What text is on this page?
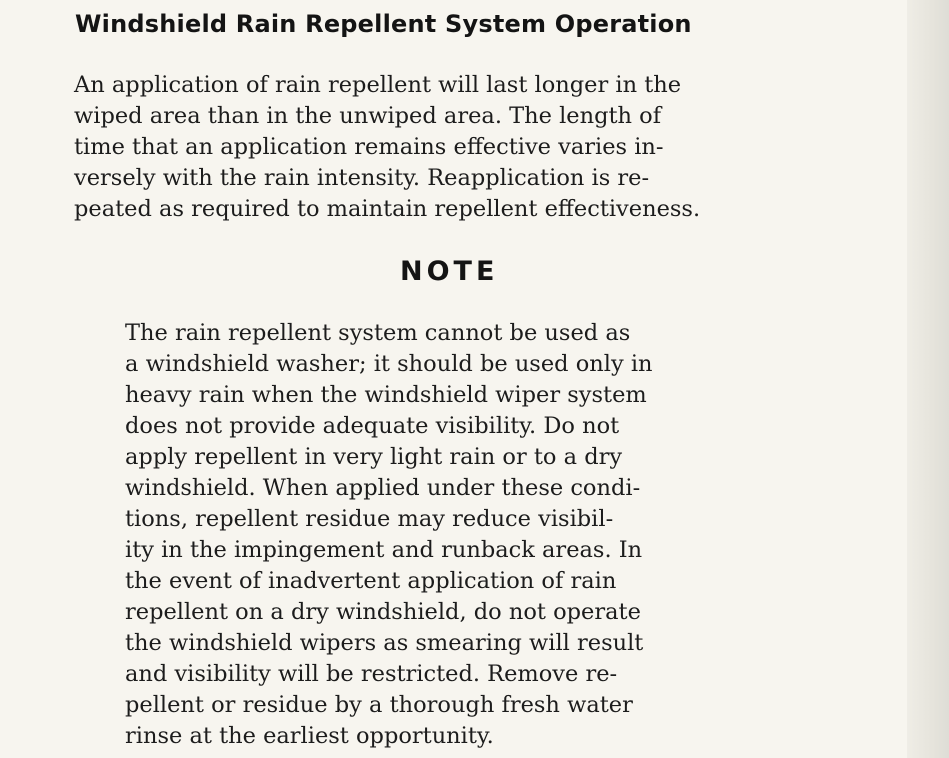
Windshield Rain Repellent System Operation
An application of rain repellent will last longer in the
wiped area than in the unwiped area. The length of
time that an application remains effective varies in-
versely with the rain intensity. Reapplication is re-
peated as required to maintain repellent effectiveness.
NOTE
The rain repellent system cannot be used as
a windshield washer; it should be used only in
heavy rain when the windshield wiper system
does not provide adequate visibility. Do not
apply repellent in very light rain or to a dry
windshield. When applied under these condi-
tions, repellent residue may reduce visibil-
ity in the impingement and runback areas. In
the event of inadvertent application of rain
repellent on a dry windshield, do not operate
the windshield wipers as smearing will result
and visibility will be restricted. Remove re-
pellent or residue by a thorough fresh water
rinse at the earliest opportunity.
